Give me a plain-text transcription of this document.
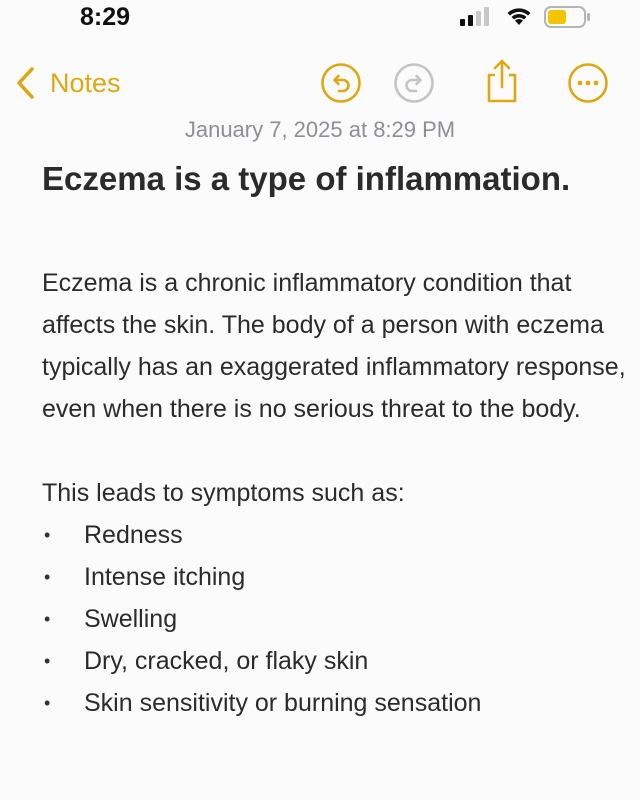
8:29
Notes
January 7, 2025 at 8:29 PM
Eczema is a type of inflammation.

Eczema is a chronic inflammatory condition that affects the skin. The body of a person with eczema typically has an exaggerated inflammatory response, even when there is no serious threat to the body.

This leads to symptoms such as:

• Redness
• Intense itching
• Swelling
• Dry, cracked, or flaky skin
• Skin sensitivity or burning sensation
